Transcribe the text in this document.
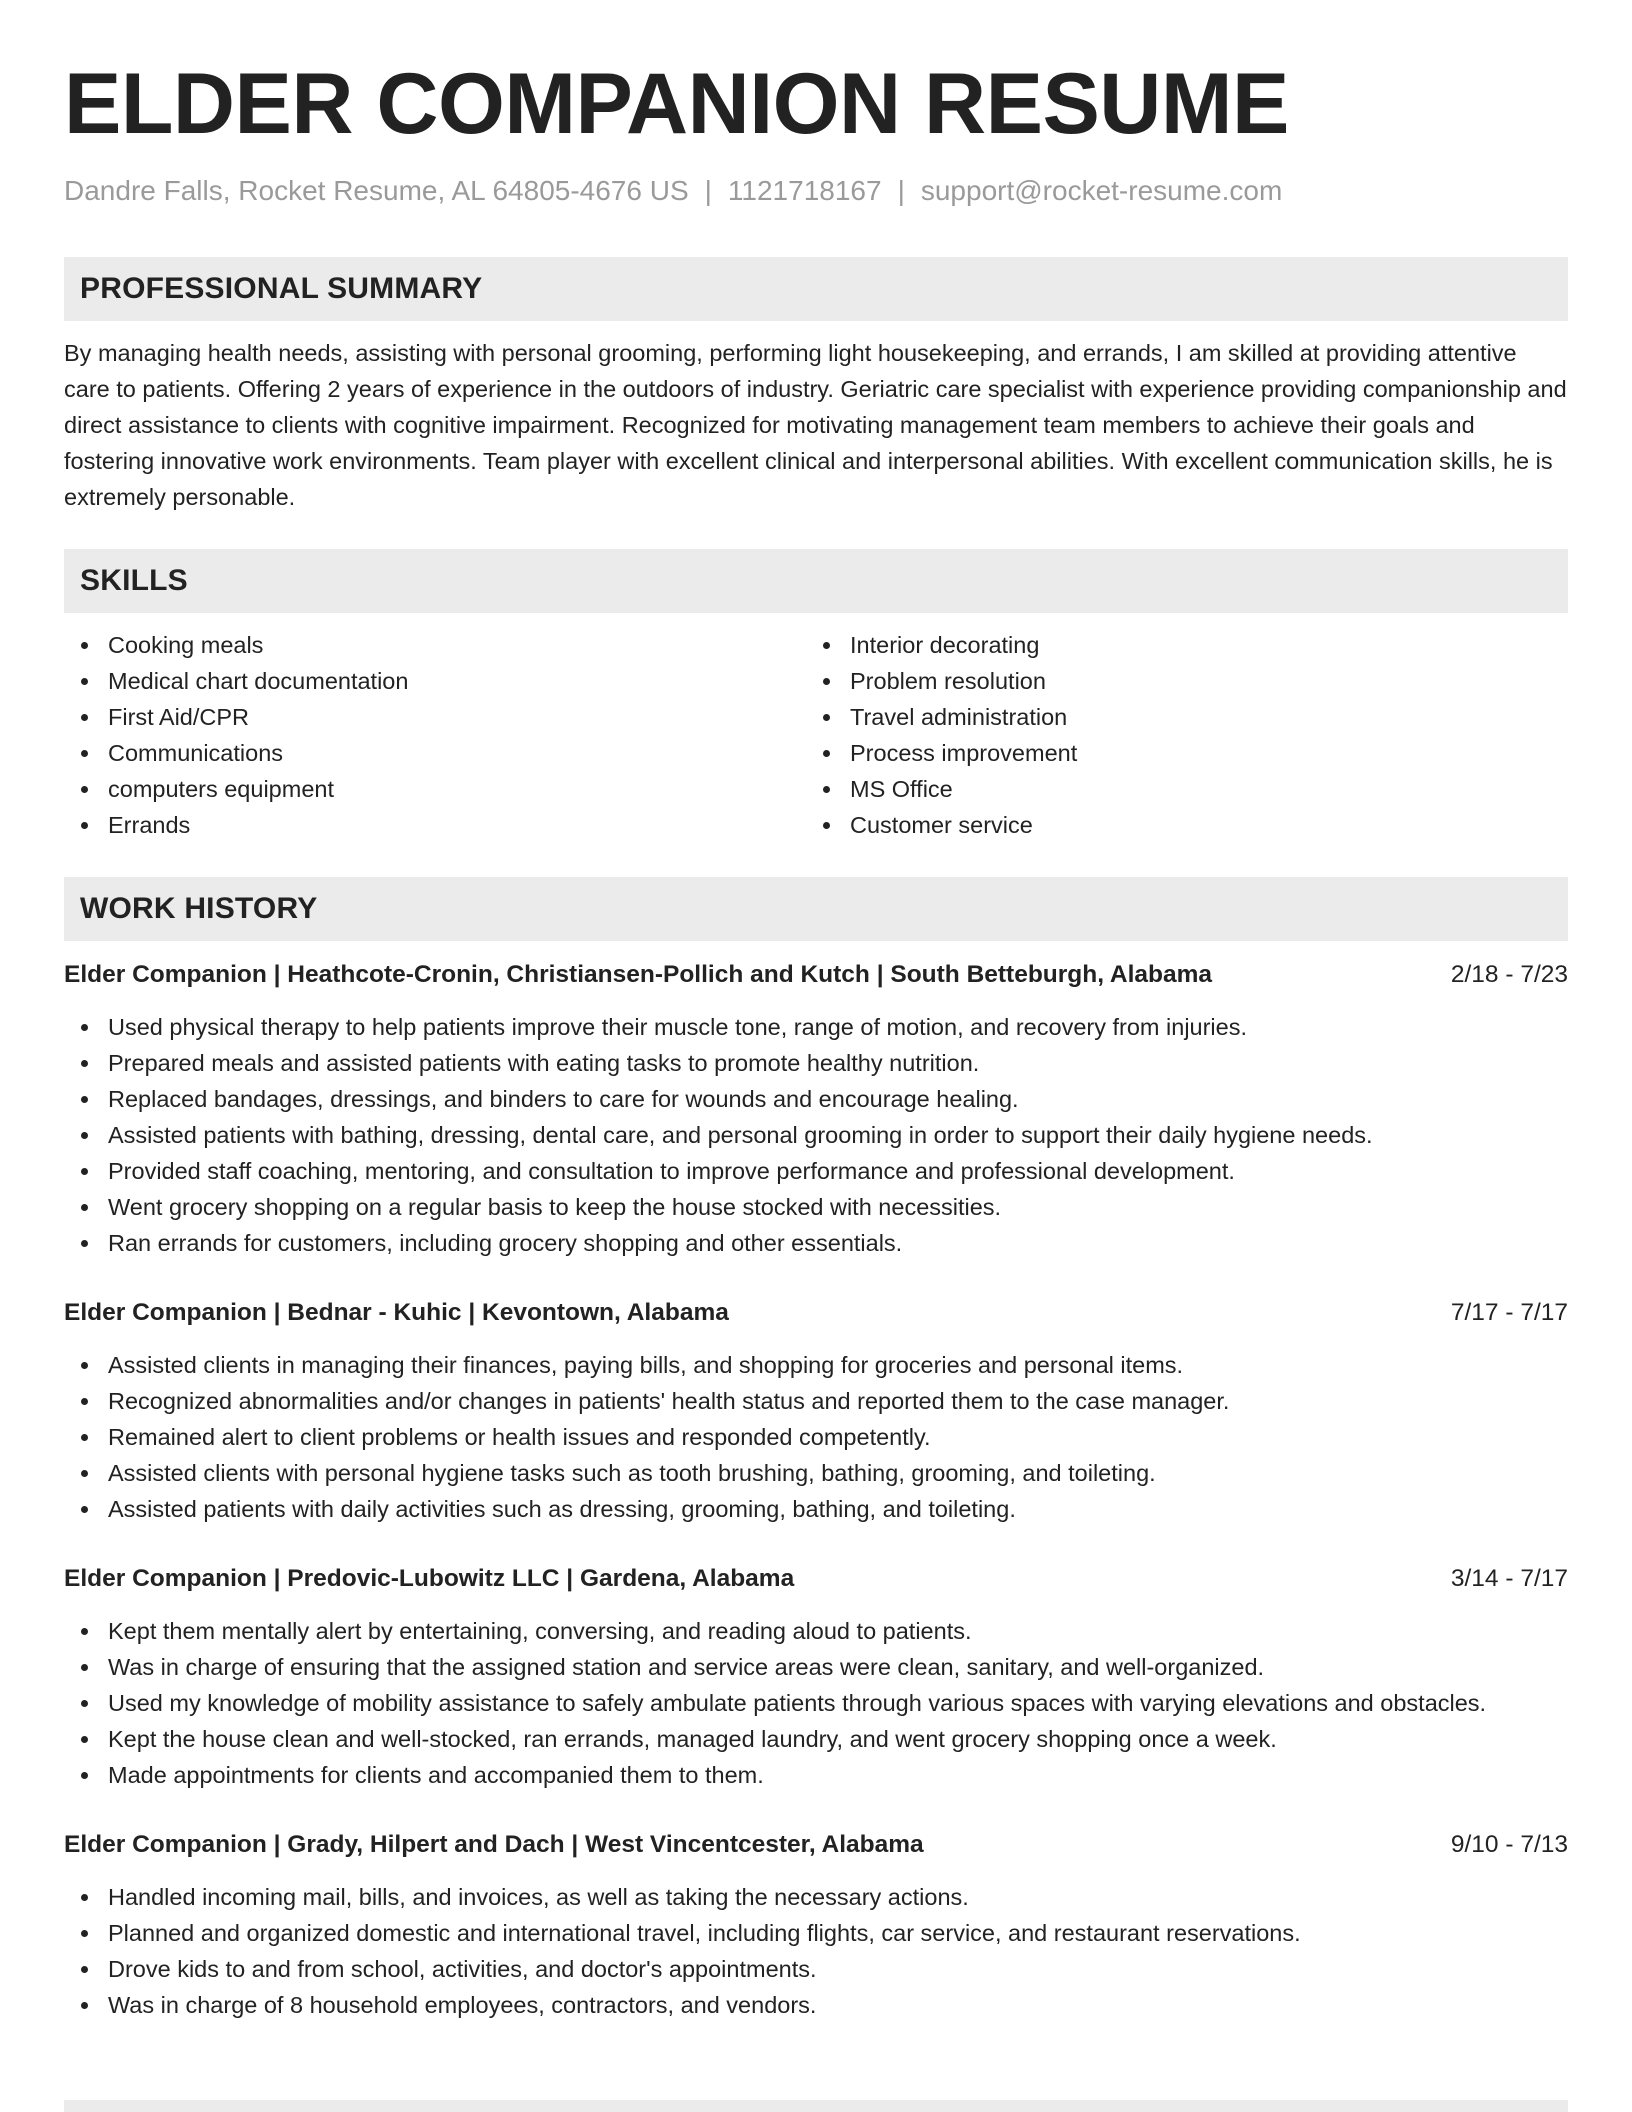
ELDER COMPANION RESUME
Dandre Falls, Rocket Resume, AL 64805-4676 US | 1121718167 | support@rocket-resume.com
PROFESSIONAL SUMMARY

By managing health needs, assisting with personal grooming, performing light housekeeping, and errands, I am skilled at providing attentive care to patients. Offering 2 years of experience in the outdoors of industry. Geriatric care specialist with experience providing companionship and direct assistance to clients with cognitive impairment. Recognized for motivating management team members to achieve their goals and fostering innovative work environments. Team player with excellent clinical and interpersonal abilities. With excellent communication skills, he is extremely personable.

SKILLS
Cooking meals
Medical chart documentation
First Aid/CPR
Communications
computers equipment
Errands
Interior decorating
Problem resolution
Travel administration
Process improvement
MS Office
Customer service
WORK HISTORY
Elder Companion | Heathcote-Cronin, Christiansen-Pollich and Kutch | South Betteburgh, Alabama	2/18 - 7/23
Used physical therapy to help patients improve their muscle tone, range of motion, and recovery from injuries.
Prepared meals and assisted patients with eating tasks to promote healthy nutrition.
Replaced bandages, dressings, and binders to care for wounds and encourage healing.
Assisted patients with bathing, dressing, dental care, and personal grooming in order to support their daily hygiene needs.
Provided staff coaching, mentoring, and consultation to improve performance and professional development.
Went grocery shopping on a regular basis to keep the house stocked with necessities.
Ran errands for customers, including grocery shopping and other essentials.
Elder Companion | Bednar - Kuhic | Kevontown, Alabama	7/17 - 7/17
Assisted clients in managing their finances, paying bills, and shopping for groceries and personal items.
Recognized abnormalities and/or changes in patients' health status and reported them to the case manager.
Remained alert to client problems or health issues and responded competently.
Assisted clients with personal hygiene tasks such as tooth brushing, bathing, grooming, and toileting.
Assisted patients with daily activities such as dressing, grooming, bathing, and toileting.
Elder Companion | Predovic-Lubowitz LLC | Gardena, Alabama	3/14 - 7/17
Kept them mentally alert by entertaining, conversing, and reading aloud to patients.
Was in charge of ensuring that the assigned station and service areas were clean, sanitary, and well-organized.
Used my knowledge of mobility assistance to safely ambulate patients through various spaces with varying elevations and obstacles.
Kept the house clean and well-stocked, ran errands, managed laundry, and went grocery shopping once a week.
Made appointments for clients and accompanied them to them.
Elder Companion | Grady, Hilpert and Dach | West Vincentcester, Alabama	9/10 - 7/13
Handled incoming mail, bills, and invoices, as well as taking the necessary actions.
Planned and organized domestic and international travel, including flights, car service, and restaurant reservations.
Drove kids to and from school, activities, and doctor's appointments.
Was in charge of 8 household employees, contractors, and vendors.
